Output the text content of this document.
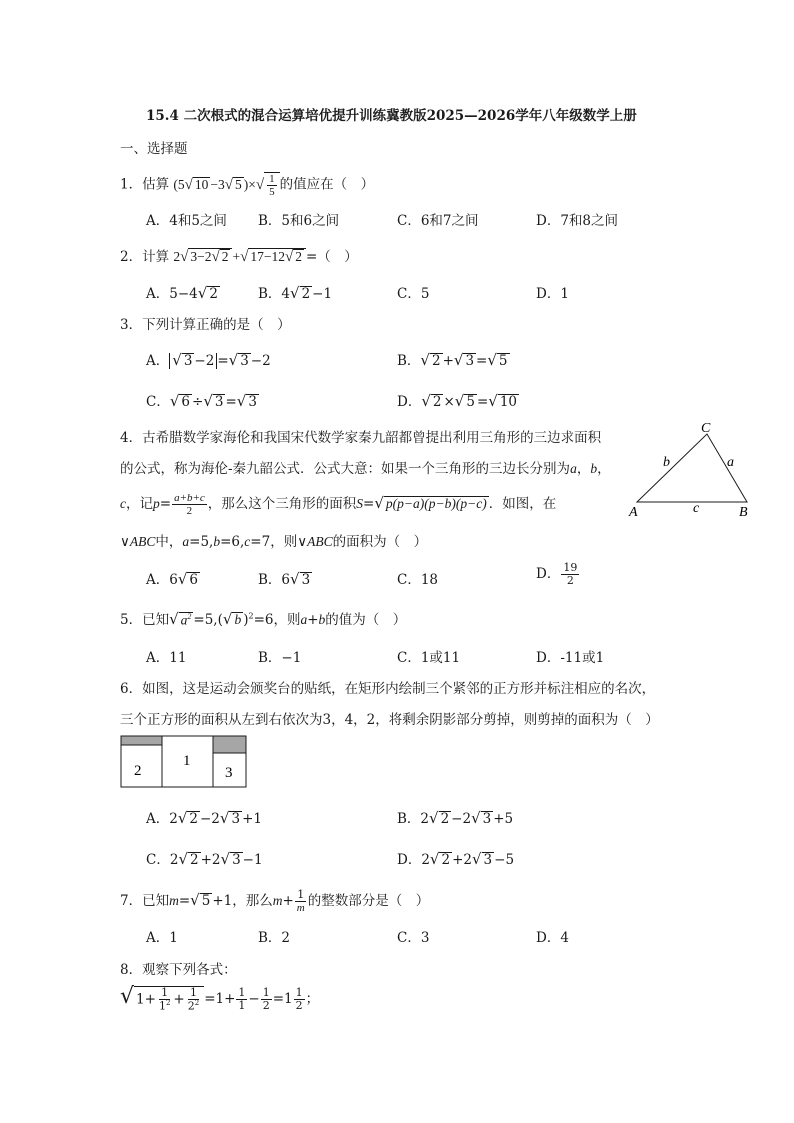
15.4 二次根式的混合运算培优提升训练冀教版2025—2026学年八年级数学上册
一、选择题
1．估算 (5√ 10 −3√ 5 )×√ $\frac{1}{5}$ 的值应在（　）
A．4和5之间 B．5和6之间	C．6和7之间	D．7和8之间
2．计算 2√ 3−2√ 2 +√ 17−12√ 2 =（　）
A．5−4√ 2	B．4√ 2 −1	C．5	D．1
3．下列计算正确的是（　）
A． √ 3 −2 =√ 3 −2	B．√ 2 +√ 3 =√ 5
C．√ 6 ÷√ 3 =√ 3	D．√ 2 ×√ 5 =√ 10
4．古希腊数学家海伦和我国宋代数学家秦九韶都曾提出利用三角形的三边求面积
的公式，称为海伦-秦九韶公式．公式大意：如果一个三角形的三边长分别为a，b，
c，记$p= \frac{a+b+c}{2}$ ，那么这个三角形的面积S=√ p(p−a)(p−b)(p−c) ．如图，在
∨ABC中，a=5,b=6,c=7，则∨ABC的面积为（　）
A	B
C
a
b
c
A．6√ 6	B．6√ 3	C．18	D． $\frac{19}{2}$
5．已知√ $a^2 =5,(√$ b )$^2$=6，则a+b的值为（　）
A．11	B．−1	C．1或11	D．-11或1
6．如图，这是运动会颁奖台的贴纸，在矩形内绘制三个紧邻的正方形并标注相应的名次，
三个正方形的面积从左到右依次为3，4，2，将剩余阴影部分剪掉，则剪掉的面积为（　）
2
1
3
A．2√ 2 −2√ 3 +1	B．2√ 2 −2√ 3 +5
C．2√ 2 +2√ 3 −1	D．2√ 2 +2√ 3 −5
7．已知m=√ 5 +1，那么$m+ \frac{1}{m}$ 的整数部分是（　）
A．1	B．2	C．3	D．4
8．观察下列各式：
√ $1+ \frac{1}{1^2} + \frac{1}{2^2} =1+ \frac{1}{1} - \frac{1}{2} =1 \frac{1}{2}$ ；
